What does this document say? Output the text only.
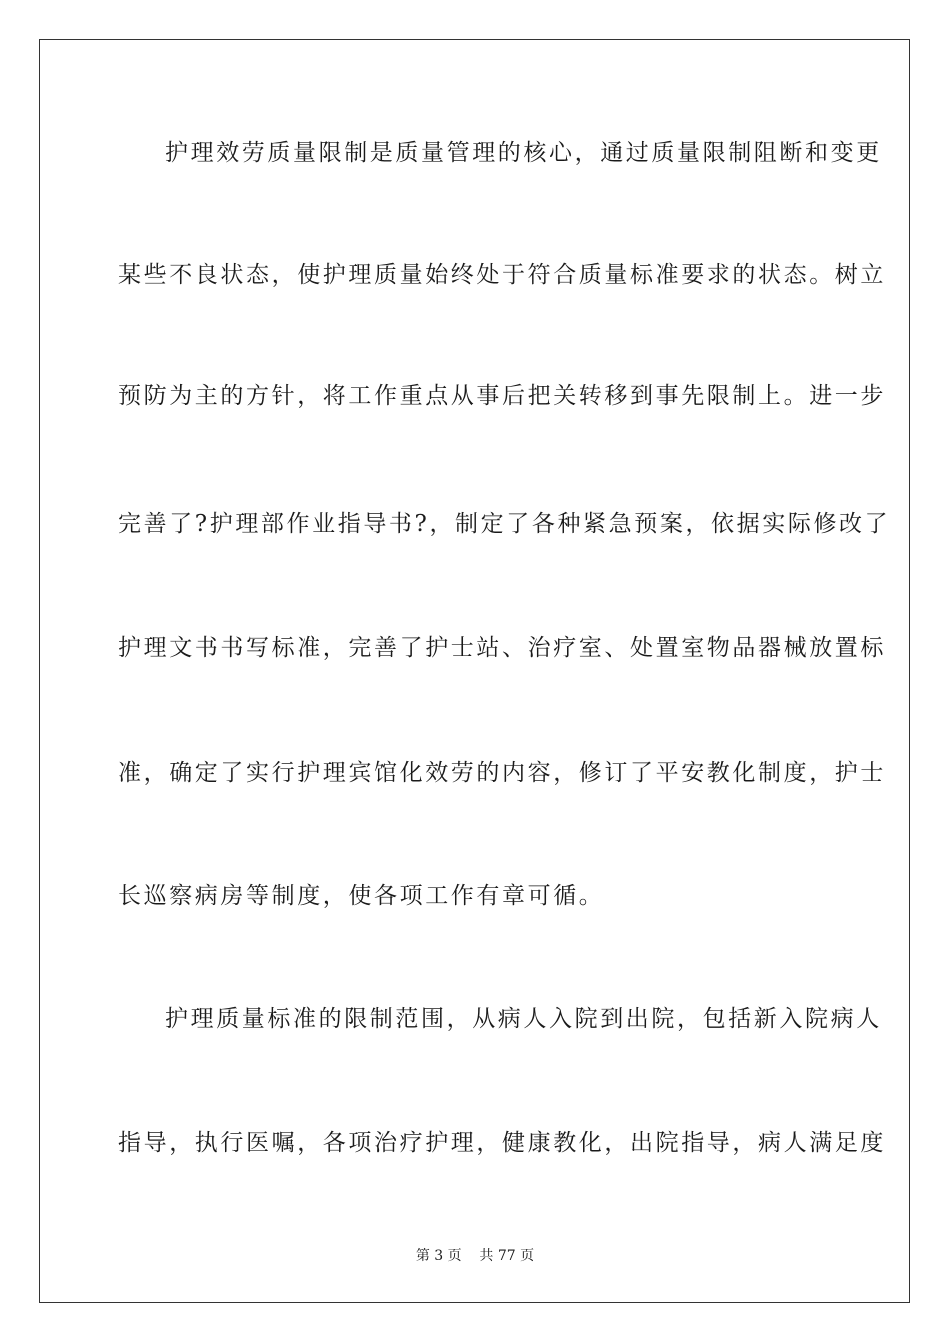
护理效劳质量限制是质量管理的核心，通过质量限制阻断和变更
某些不良状态，使护理质量始终处于符合质量标准要求的状态。树立
预防为主的方针，将工作重点从事后把关转移到事先限制上。进一步
完善了?护理部作业指导书?，制定了各种紧急预案，依据实际修改了
护理文书书写标准，完善了护士站、治疗室、处置室物品器械放置标
准，确定了实行护理宾馆化效劳的内容，修订了平安教化制度，护士
长巡察病房等制度，使各项工作有章可循。
护理质量标准的限制范围，从病人入院到出院，包括新入院病人
指导，执行医嘱，各项治疗护理，健康教化，出院指导，病人满足度
第 3 页    共 77 页
